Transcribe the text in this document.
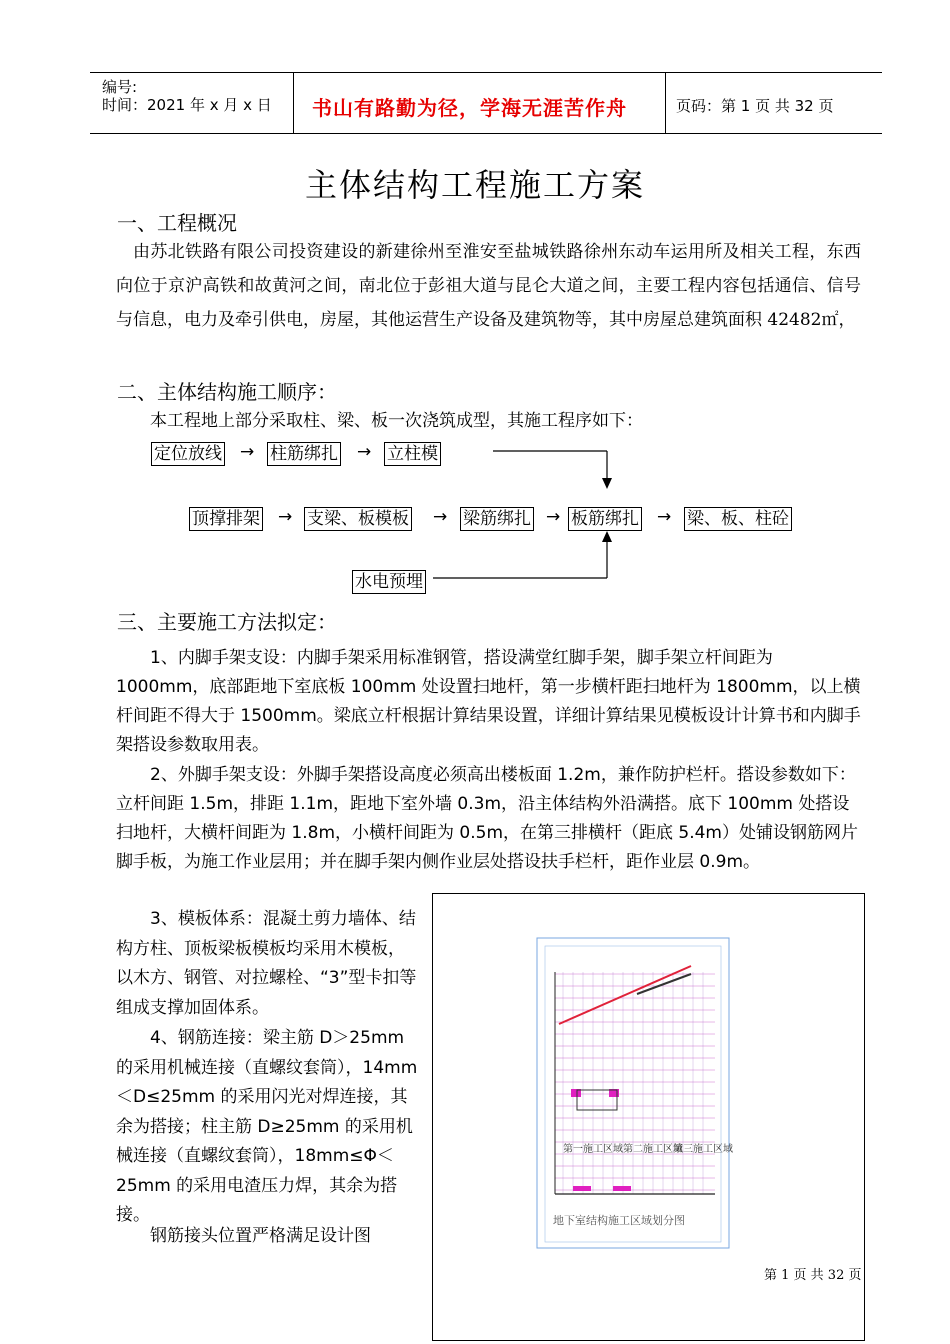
编号:
时间：2021 年 x 月 x 日 书山有路勤为径，学海无涯苦作舟	页码：第 1 页 共 32 页
主体结构工程施工方案
一、工程概况
由苏北铁路有限公司投资建设的新建徐州至淮安至盐城铁路徐州东动车运用所及相关工程，东西向位于京沪高铁和故黄河之间，南北位于彭祖大道与昆仑大道之间，主要工程内容包括通信、信号与信息，电力及牵引供电，房屋，其他运营生产设备及建筑物等，其中房屋总建筑面积 42482㎡，
二、主体结构施工顺序：
本工程地上部分采取柱、梁、板一次浇筑成型，其施工程序如下：
定位放线 → 柱筋绑扎 → 立柱模
顶撑排架 → 支梁、板模板 → 梁筋绑扎 → 板筋绑扎 → 梁、板、柱砼
水电预埋
三、主要施工方法拟定：
1、内脚手架支设：内脚手架采用标准钢管，搭设满堂红脚手架，脚手架立杆间距为1000mm，底部距地下室底板 100mm 处设置扫地杆，第一步横杆距扫地杆为 1800mm，以上横杆间距不得大于 1500mm。梁底立杆根据计算结果设置，详细计算结果见模板设计计算书和内脚手架搭设参数取用表。
2、外脚手架支设：外脚手架搭设高度必须高出楼板面 1.2m，兼作防护栏杆。搭设参数如下：立杆间距 1.5m，排距 1.1m，距地下室外墙 0.3m，沿主体结构外沿满搭。底下 100mm 处搭设扫地杆，大横杆间距为 1.8m，小横杆间距为 0.5m，在第三排横杆（距底 5.4m）处铺设钢筋网片脚手板，为施工作业层用；并在脚手架内侧作业层处搭设扶手栏杆，距作业层 0.9m。
3、模板体系：混凝土剪力墙体、结构方柱、顶板梁板模板均采用木模板，以木方、钢管、对拉螺栓、“3”型卡扣等组成支撑加固体系。
4、钢筋连接：梁主筋 D＞25mm 的采用机械连接（直螺纹套筒），14mm＜D≤25mm 的采用闪光对焊连接，其余为搭接；柱主筋 D≥25mm 的采用机械连接（直螺纹套筒），18mm≤Φ＜25mm 的采用电渣压力焊，其余为搭接。
钢筋接头位置严格满足设计图
第一施工区域 第二施工区域
第三施工区域
地下室结构施工区域划分图
第 1 页 共 32 页
